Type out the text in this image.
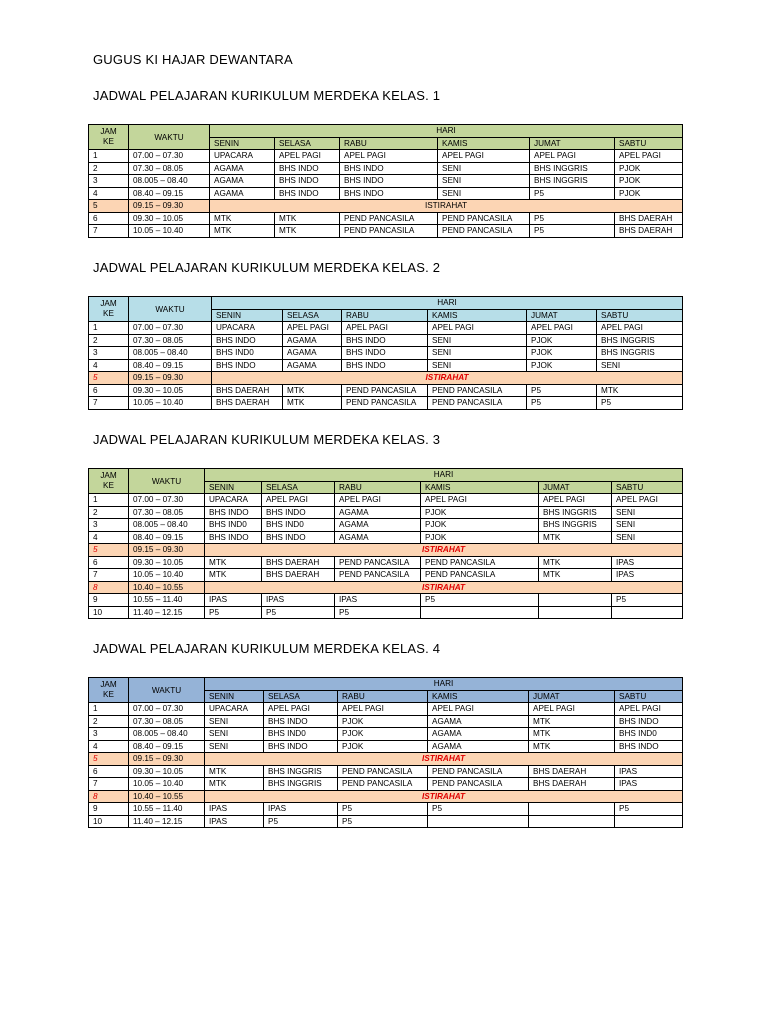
GUGUS KI HAJAR DEWANTARA
JADWAL PELAJARAN KURIKULUM MERDEKA KELAS. 1
JAM
KE	WAKTU	HARI					
		SENIN	SELASA	RABU	KAMIS	JUMAT	SABTU
1	07.00 – 07.30	UPACARA	APEL PAGI	APEL PAGI	APEL PAGI	APEL PAGI	APEL PAGI
2	07.30 – 08.05	AGAMA	BHS INDO	BHS INDO	SENI	BHS INGGRIS	PJOK
3	08.005 – 08.40	AGAMA	BHS INDO	BHS INDO	SENI	BHS INGGRIS	PJOK
4	08.40 – 09.15	AGAMA	BHS INDO	BHS INDO	SENI	P5	PJOK
5	09.15 – 09.30	ISTIRAHAT					
6	09.30 – 10.05	MTK	MTK	PEND PANCASILA	PEND PANCASILA	P5	BHS DAERAH
7	10.05 – 10.40	MTK	MTK	PEND PANCASILA	PEND PANCASILA	P5	BHS DAERAH
JADWAL PELAJARAN KURIKULUM MERDEKA KELAS. 2
JAM
KE	WAKTU	HARI					
		SENIN	SELASA	RABU	KAMIS	JUMAT	SABTU
1	07.00 – 07.30	UPACARA	APEL PAGI	APEL PAGI	APEL PAGI	APEL PAGI	APEL PAGI
2	07.30 – 08.05	BHS INDO	AGAMA	BHS INDO	SENI	PJOK	BHS INGGRIS
3	08.005 – 08.40	BHS IND0	AGAMA	BHS INDO	SENI	PJOK	BHS INGGRIS
4	08.40 – 09.15	BHS INDO	AGAMA	BHS INDO	SENI	PJOK	SENI
5	09.15 – 09.30	ISTIRAHAT					
6	09.30 – 10.05	BHS DAERAH	MTK	PEND PANCASILA	PEND PANCASILA	P5	MTK
7	10.05 – 10.40	BHS DAERAH	MTK	PEND PANCASILA	PEND PANCASILA	P5	P5
JADWAL PELAJARAN KURIKULUM MERDEKA KELAS. 3
JAM
KE	WAKTU	HARI					
		SENIN	SELASA	RABU	KAMIS	JUMAT	SABTU
1	07.00 – 07.30	UPACARA	APEL PAGI	APEL PAGI	APEL PAGI	APEL PAGI	APEL PAGI
2	07.30 – 08.05	BHS INDO	BHS INDO	AGAMA	PJOK	BHS INGGRIS	SENI
3	08.005 – 08.40	BHS IND0	BHS IND0	AGAMA	PJOK	BHS INGGRIS	SENI
4	08.40 – 09.15	BHS INDO	BHS INDO	AGAMA	PJOK	MTK	SENI
5	09.15 – 09.30	ISTIRAHAT					
6	09.30 – 10.05	MTK	BHS DAERAH	PEND PANCASILA	PEND PANCASILA	MTK	IPAS
7	10.05 – 10.40	MTK	BHS DAERAH	PEND PANCASILA	PEND PANCASILA	MTK	IPAS
8	10.40 – 10.55	ISTIRAHAT					
9	10.55 – 11.40	IPAS	IPAS	IPAS	P5		P5
10	11.40 – 12.15	P5	P5	P5			
JADWAL PELAJARAN KURIKULUM MERDEKA KELAS. 4
JAM
KE	WAKTU	HARI					
		SENIN	SELASA	RABU	KAMIS	JUMAT	SABTU
1	07.00 – 07.30	UPACARA	APEL PAGI	APEL PAGI	APEL PAGI	APEL PAGI	APEL PAGI
2	07.30 – 08.05	SENI	BHS INDO	PJOK	AGAMA	MTK	BHS INDO
3	08.005 – 08.40	SENI	BHS IND0	PJOK	AGAMA	MTK	BHS IND0
4	08.40 – 09.15	SENI	BHS INDO	PJOK	AGAMA	MTK	BHS INDO
5	09.15 – 09.30	ISTIRAHAT					
6	09.30 – 10.05	MTK	BHS INGGRIS	PEND PANCASILA	PEND PANCASILA	BHS DAERAH	IPAS
7	10.05 – 10.40	MTK	BHS INGGRIS	PEND PANCASILA	PEND PANCASILA	BHS DAERAH	IPAS
8	10.40 – 10.55	ISTIRAHAT					
9	10.55 – 11.40	IPAS	IPAS	P5	P5		P5
10	11.40 – 12.15	IPAS	P5	P5			
